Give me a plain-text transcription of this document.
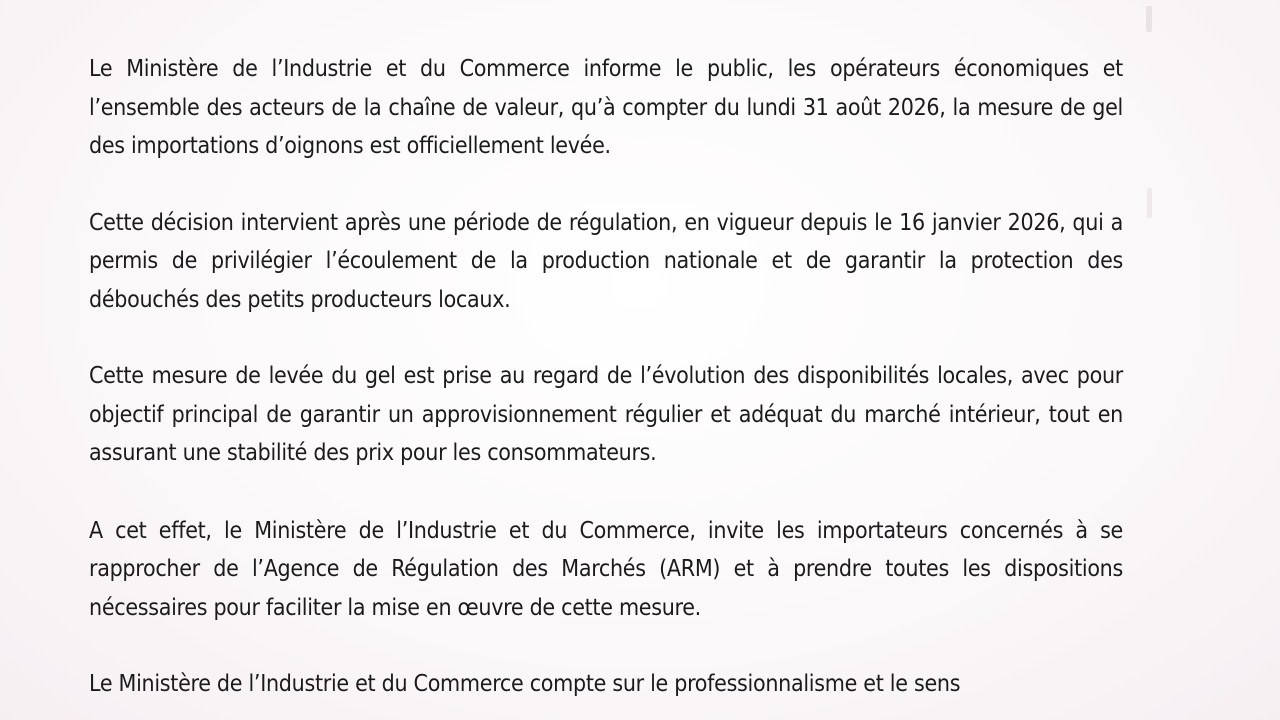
Le Ministère de l’Industrie et du Commerce informe le public, les opérateurs économiques et l’ensemble des acteurs de la chaîne de valeur, qu’à compter du lundi 31 août 2026, la mesure de gel des importations d’oignons est officiellement levée.

Cette décision intervient après une période de régulation, en vigueur depuis le 16 janvier 2026, qui a permis de privilégier l’écoulement de la production nationale et de garantir la protection des débouchés des petits producteurs locaux.

Cette mesure de levée du gel est prise au regard de l’évolution des disponibilités locales, avec pour objectif principal de garantir un approvisionnement régulier et adéquat du marché intérieur, tout en assurant une stabilité des prix pour les consommateurs.

A cet effet, le Ministère de l’Industrie et du Commerce, invite les importateurs concernés à se rapprocher de l’Agence de Régulation des Marchés (ARM) et à prendre toutes les dispositions nécessaires pour faciliter la mise en œuvre de cette mesure.

Le Ministère de l’Industrie et du Commerce compte sur le professionnalisme et le sens
